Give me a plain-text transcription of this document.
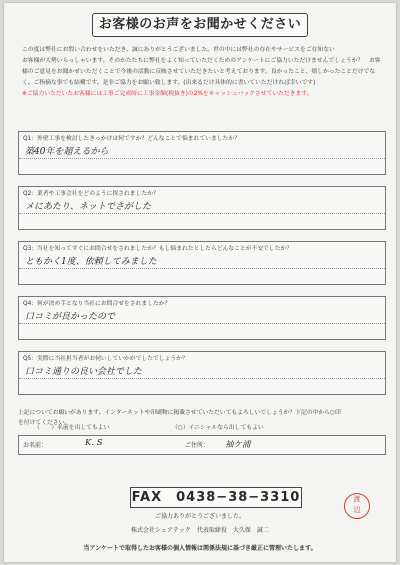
お客様のお声をお聞かせください
この度は弊社にお問い合わせをいただき、誠にありがとうございました。世の中には弊社の存在やサービスをご存知ない
お客様が大勢いらっしゃいます。そのかたたちに弊社をよく知っていただくためのアンケートにご協力いただけませんでしょうか？　お客
様のご意見をお聞かせいただくことで今後の活動に反映させていただきたいと考えております。良かったこと、嬉しかったことだけでな
く、ご指摘な事でも結構です。是非ご協力をお願い致します。(出来るだけ具体的に書いていただければ幸いです)
※ご協力いただいたお客様には工事ご完成時に工事金額(税抜き)の2%をキャッシュバックさせていただきます。
Q1：外壁工事を検討したきっかけは何ですか？どんなことで悩まれていましたか？
築40年を超えるから
Q2：業者や工事会社をどのように探されましたか？
メにあたり、ネットでさがした
Q3：当社を知ってすぐにお問合せをされましたか？もし悩まれたとしたらどんなことが不安でしたか？
ともかく1度、依頼してみました
Q4：何が決め手となり当社にお問合せをされましたか？
口コミが良かったので
Q5：実際に当社担当者がお伺いしていかがでしたでしょうか？
口コミ通りの良い会社でした
上記についてお願いがあります。インターネットや印刷物に掲載させていただいてもよろしいでしょうか？下記の中から○印
を付けてください。
（　　）名前を出してもよい	（○）イニシャルなら出してもよい
お名前：	K. S	ご住所： 袖ケ浦
FAX　0438−38−3310	渡
辺
ご協力ありがとうございました。
株式会社シェアテック　代表取締役　大久保　誠二
当アンケートで取得したお客様の個人情報は関係法規に基づき厳正に管理いたします。
